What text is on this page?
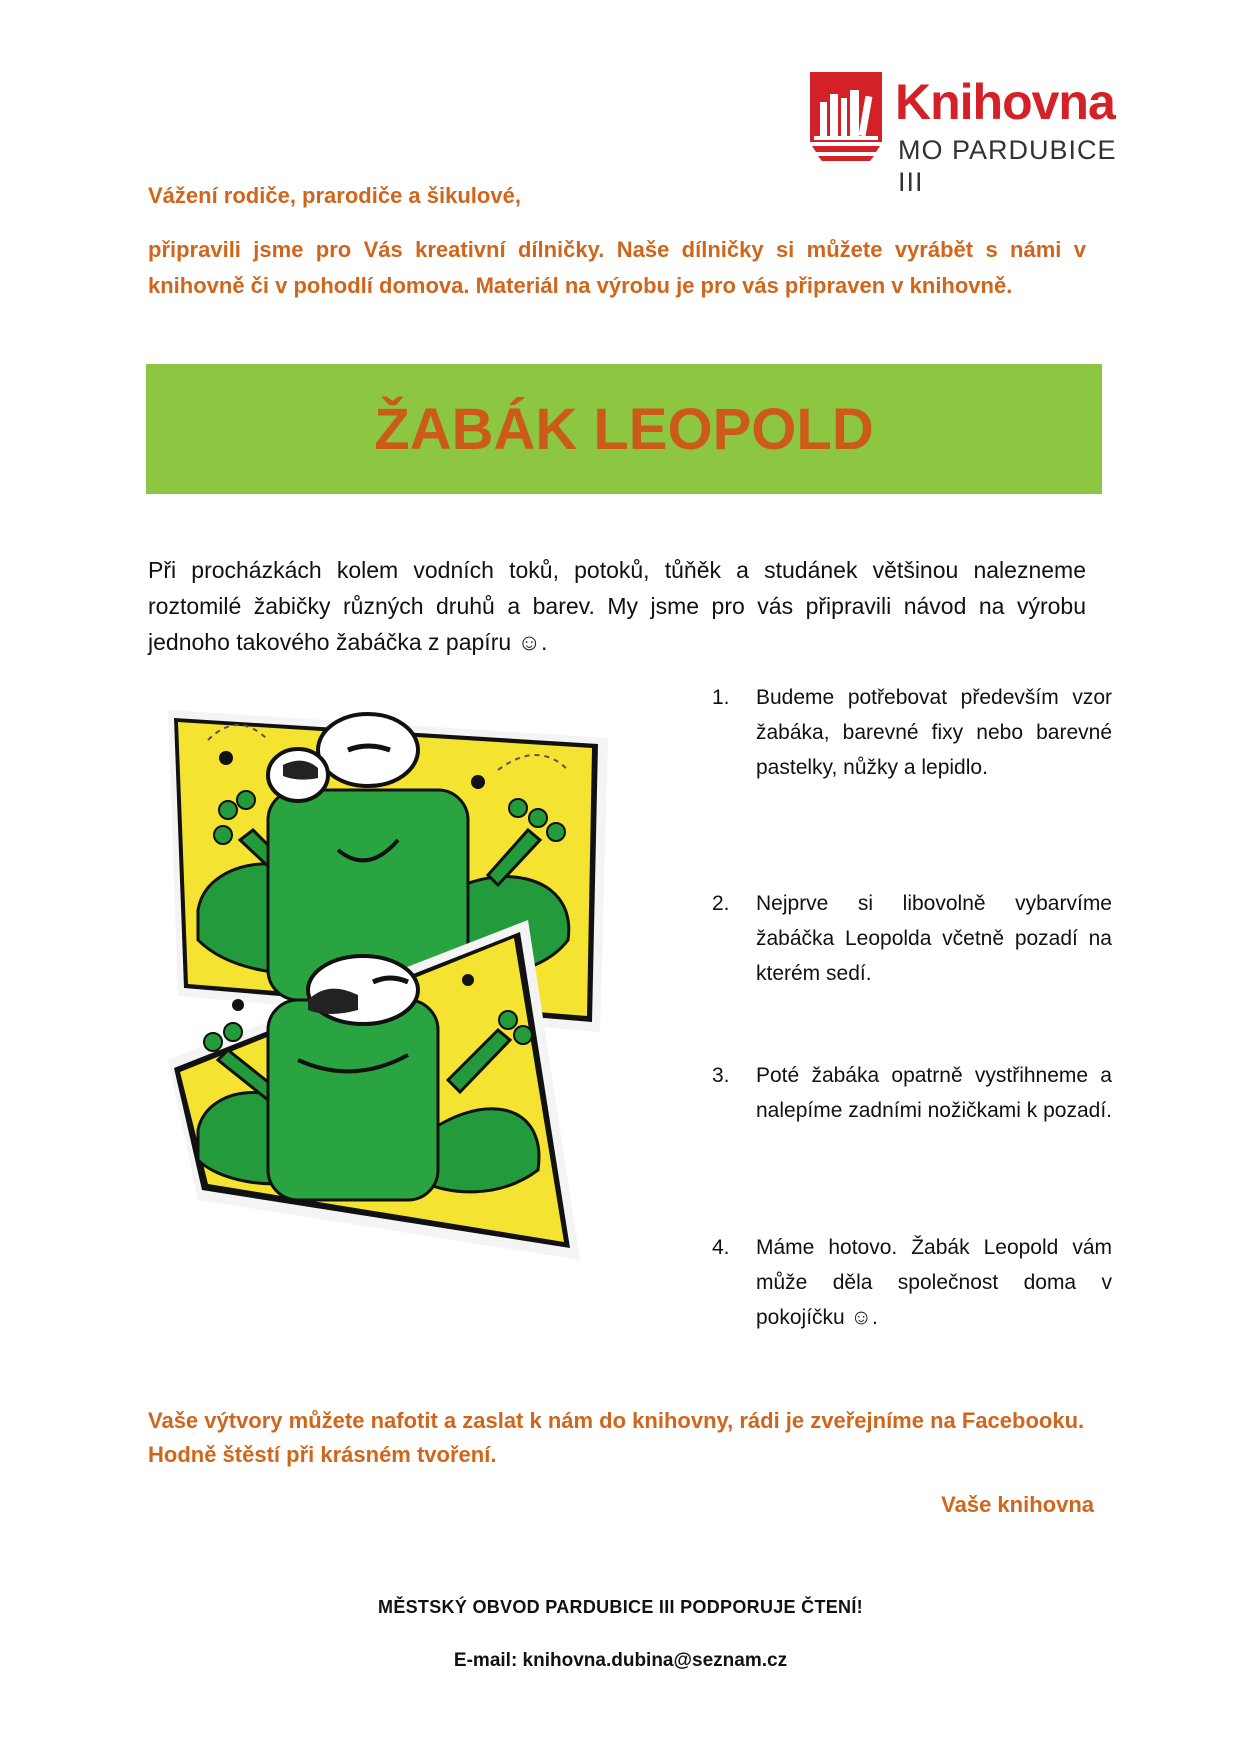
Knihovna
MO PARDUBICE III
Vážení rodiče, prarodiče a šikulové,
připravili jsme pro Vás kreativní dílničky. Naše dílničky si můžete vyrábět s námi v knihovně či v pohodlí domova. Materiál na výrobu je pro vás připraven v knihovně.
ŽABÁK LEOPOLD
Při procházkách kolem vodních toků, potoků, tůňěk a studánek většinou nalezneme roztomilé žabičky různých druhů a barev. My jsme pro vás připravili návod na výrobu jednoho takového žabáčka z papíru ☺.
1.	Budeme potřebovat především vzor žabáka, barevné fixy nebo barevné pastelky, nůžky a lepidlo.
2.	Nejprve si libovolně vybarvíme žabáčka Leopolda včetně pozadí na kterém sedí.
3.	Poté žabáka opatrně vystřihneme a nalepíme zadními nožičkami k pozadí.
4.	Máme hotovo. Žabák Leopold vám může děla společnost doma v pokojíčku ☺.
Vaše výtvory můžete nafotit a zaslat k nám do knihovny, rádi je zveřejníme na Facebooku. Hodně štěstí při krásném tvoření.
Vaše knihovna
MĚSTSKÝ OBVOD PARDUBICE III PODPORUJE ČTENÍ!
E-mail: knihovna.dubina@seznam.cz
